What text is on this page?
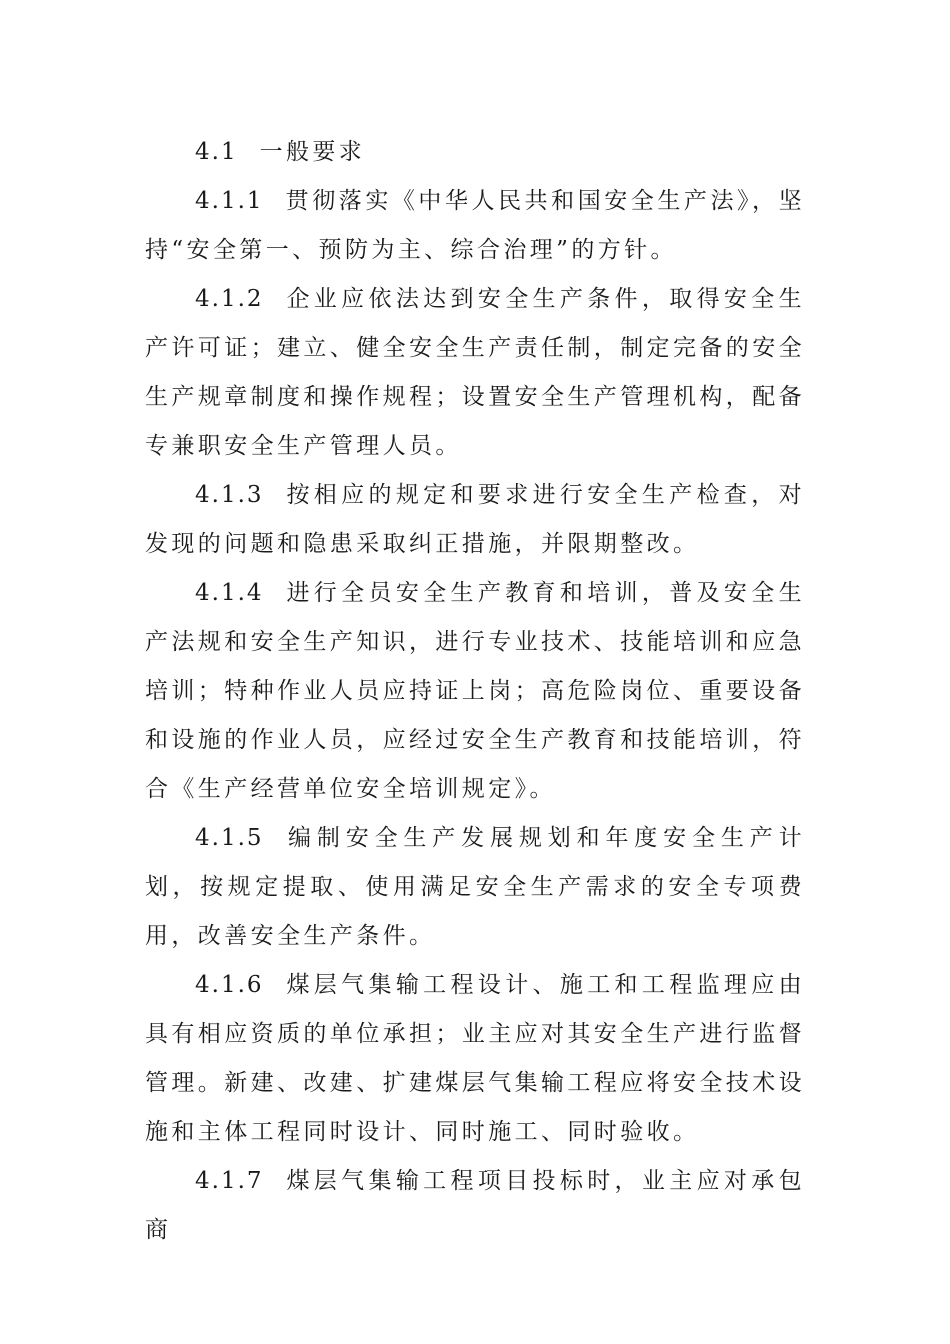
4.1 一般要求

4.1.1 贯彻落实《中华人民共和国安全生产法》，坚持“安全第一、预防为主、综合治理”的方针。

4.1.2 企业应依法达到安全生产条件，取得安全生产许可证；建立、健全安全生产责任制，制定完备的安全生产规章制度和操作规程；设置安全生产管理机构，配备专兼职安全生产管理人员。

4.1.3 按相应的规定和要求进行安全生产检查，对发现的问题和隐患采取纠正措施，并限期整改。

4.1.4 进行全员安全生产教育和培训，普及安全生产法规和安全生产知识，进行专业技术、技能培训和应急培训；特种作业人员应持证上岗；高危险岗位、重要设备和设施的作业人员，应经过安全生产教育和技能培训，符合《生产经营单位安全培训规定》。

4.1.5 编制安全生产发展规划和年度安全生产计划，按规定提取、使用满足安全生产需求的安全专项费用，改善安全生产条件。

4.1.6 煤层气集输工程设计、施工和工程监理应由具有相应资质的单位承担；业主应对其安全生产进行监督管理。新建、改建、扩建煤层气集输工程应将安全技术设施和主体工程同时设计、同时施工、同时验收。

4.1.7 煤层气集输工程项目投标时，业主应对承包商
